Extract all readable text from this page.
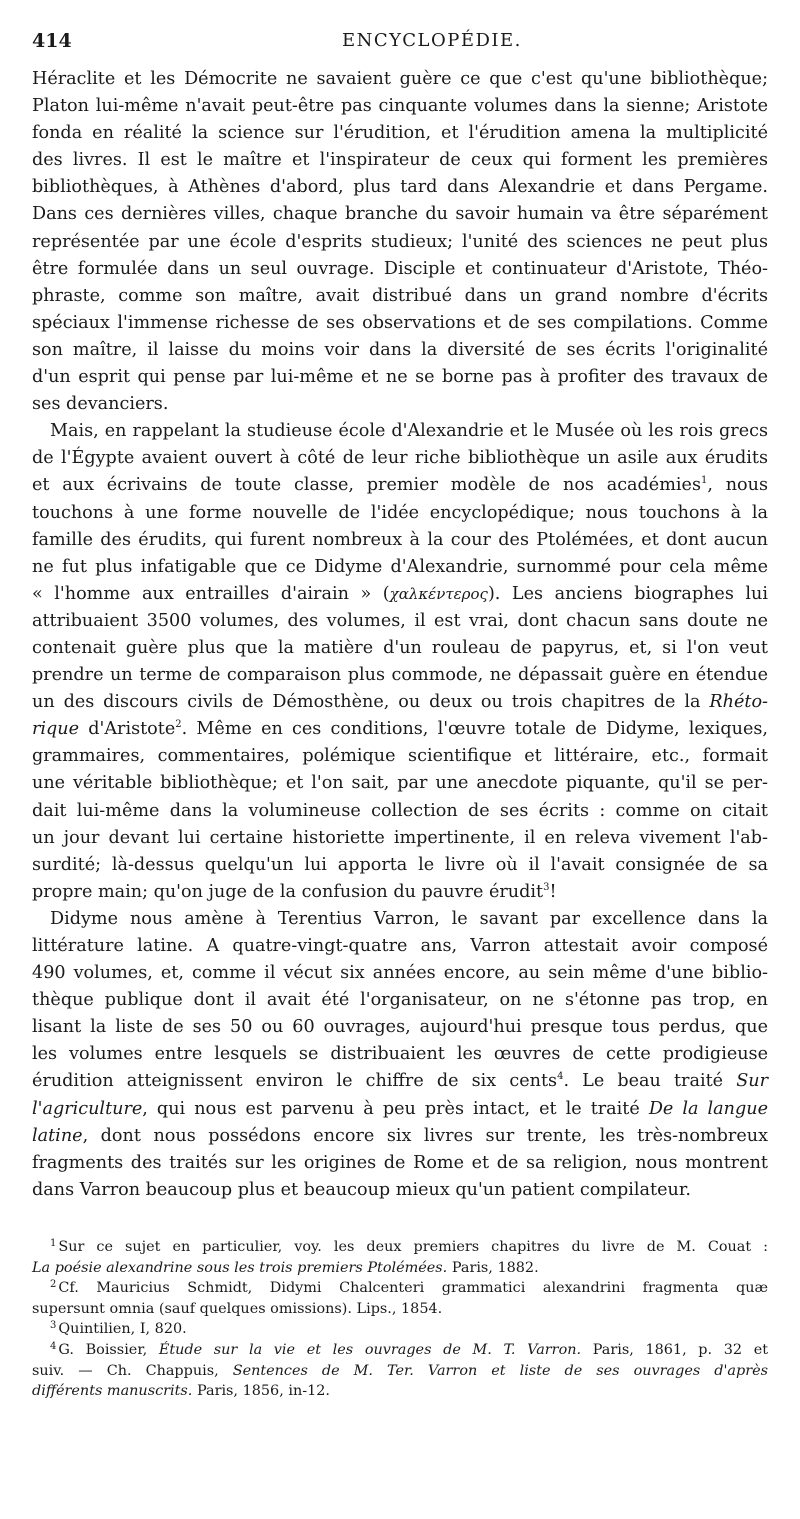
414	ENCYCLOPÉDIE.
Héraclite et les Démocrite ne savaient guère ce que c'est qu'une bibliothèque;
Platon lui-même n'avait peut-être pas cinquante volumes dans la sienne; Aristote
fonda en réalité la science sur l'érudition, et l'érudition amena la multiplicité
des livres. Il est le maître et l'inspirateur de ceux qui forment les premières
bibliothèques, à Athènes d'abord, plus tard dans Alexandrie et dans Pergame.
Dans ces dernières villes, chaque branche du savoir humain va être séparément
représentée par une école d'esprits studieux; l'unité des sciences ne peut plus
être formulée dans un seul ouvrage. Disciple et continuateur d'Aristote, Théo-
phraste, comme son maître, avait distribué dans un grand nombre d'écrits
spéciaux l'immense richesse de ses observations et de ses compilations. Comme
son maître, il laisse du moins voir dans la diversité de ses écrits l'originalité
d'un esprit qui pense par lui-même et ne se borne pas à profiter des travaux de
ses devanciers.
Mais, en rappelant la studieuse école d'Alexandrie et le Musée où les rois grecs
de l'Égypte avaient ouvert à côté de leur riche bibliothèque un asile aux érudits
et aux écrivains de toute classe, premier modèle de nos académies$^1$, nous
touchons à une forme nouvelle de l'idée encyclopédique; nous touchons à la
famille des érudits, qui furent nombreux à la cour des Ptolémées, et dont aucun
ne fut plus infatigable que ce Didyme d'Alexandrie, surnommé pour cela même
« l'homme aux entrailles d'airain » (χαλκέντερος). Les anciens biographes lui
attribuaient 3500 volumes, des volumes, il est vrai, dont chacun sans doute ne
contenait guère plus que la matière d'un rouleau de papyrus, et, si l'on veut
prendre un terme de comparaison plus commode, ne dépassait guère en étendue
un des discours civils de Démosthène, ou deux ou trois chapitres de la Rhéto-
rique d'Aristote$^2$. Même en ces conditions, l'œuvre totale de Didyme, lexiques,
grammaires, commentaires, polémique scientifique et littéraire, etc., formait
une véritable bibliothèque; et l'on sait, par une anecdote piquante, qu'il se per-
dait lui-même dans la volumineuse collection de ses écrits : comme on citait
un jour devant lui certaine historiette impertinente, il en releva vivement l'ab-
surdité; là-dessus quelqu'un lui apporta le livre où il l'avait consignée de sa
propre main; qu'on juge de la confusion du pauvre érudit$^3$!
Didyme nous amène à Terentius Varron, le savant par excellence dans la
littérature latine. A quatre-vingt-quatre ans, Varron attestait avoir composé
490 volumes, et, comme il vécut six années encore, au sein même d'une biblio-
thèque publique dont il avait été l'organisateur, on ne s'étonne pas trop, en
lisant la liste de ses 50 ou 60 ouvrages, aujourd'hui presque tous perdus, que
les volumes entre lesquels se distribuaient les œuvres de cette prodigieuse
érudition atteignissent environ le chiffre de six cents$^4$. Le beau traité Sur
l'agriculture, qui nous est parvenu à peu près intact, et le traité De la langue
latine, dont nous possédons encore six livres sur trente, les très-nombreux
fragments des traités sur les origines de Rome et de sa religion, nous montrent
dans Varron beaucoup plus et beaucoup mieux qu'un patient compilateur.
$^1$ Sur ce sujet en particulier, voy. les deux premiers chapitres du livre de M. Couat :
La poésie alexandrine sous les trois premiers Ptolémées. Paris, 1882.
$^2$ Cf. Mauricius Schmidt, Didymi Chalcenteri grammatici alexandrini fragmenta quæ
supersunt omnia (sauf quelques omissions). Lips., 1854.
$^3$ Quintilien, I, 820.
$^4$ G. Boissier, Étude sur la vie et les ouvrages de M. T. Varron. Paris, 1861, p. 32 et
suiv. — Ch. Chappuis, Sentences de M. Ter. Varron et liste de ses ouvrages d'après
différents manuscrits. Paris, 1856, in-12.
